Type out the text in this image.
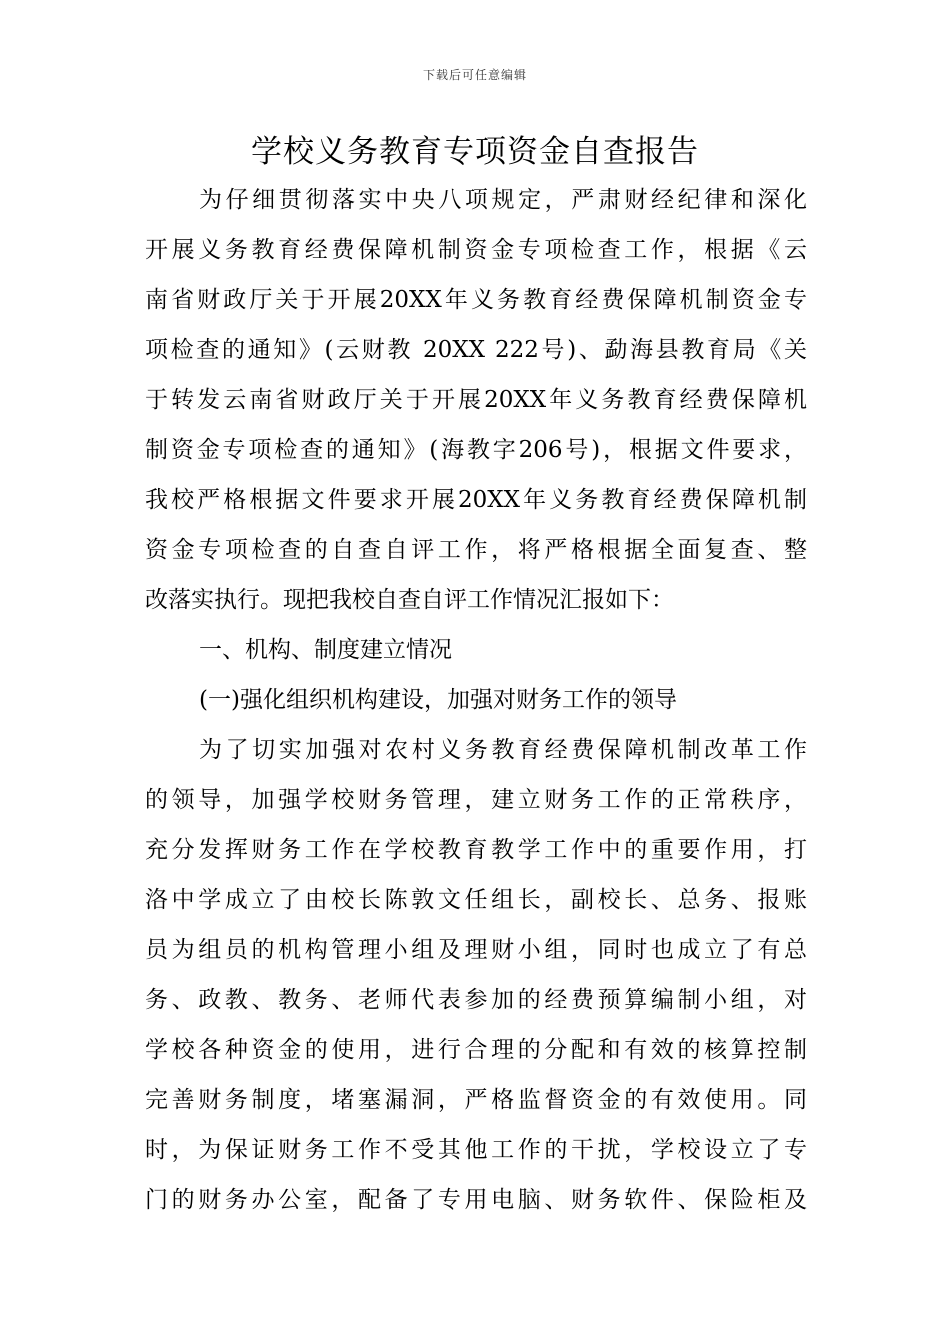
下载后可任意编辑
学校义务教育专项资金自查报告
为仔细贯彻落实中央八项规定，严肃财经纪律和深化
开展义务教育经费保障机制资金专项检查工作，根据《云
南省财政厅关于开展20XX年义务教育经费保障机制资金专
项检查的通知》(云财教 20XX 222号)、勐海县教育局《关
于转发云南省财政厅关于开展20XX年义务教育经费保障机
制资金专项检查的通知》(海教字206号)，根据文件要求，
我校严格根据文件要求开展20XX年义务教育经费保障机制
资金专项检查的自查自评工作，将严格根据全面复查、整
改落实执行。现把我校自查自评工作情况汇报如下：
一、机构、制度建立情况
(一)强化组织机构建设，加强对财务工作的领导
为了切实加强对农村义务教育经费保障机制改革工作
的领导，加强学校财务管理，建立财务工作的正常秩序，
充分发挥财务工作在学校教育教学工作中的重要作用，打
洛中学成立了由校长陈敦文任组长，副校长、总务、报账
员为组员的机构管理小组及理财小组，同时也成立了有总
务、政教、教务、老师代表参加的经费预算编制小组，对
学校各种资金的使用，进行合理的分配和有效的核算控制
完善财务制度，堵塞漏洞，严格监督资金的有效使用。同
时，为保证财务工作不受其他工作的干扰，学校设立了专
门的财务办公室，配备了专用电脑、财务软件、保险柜及
